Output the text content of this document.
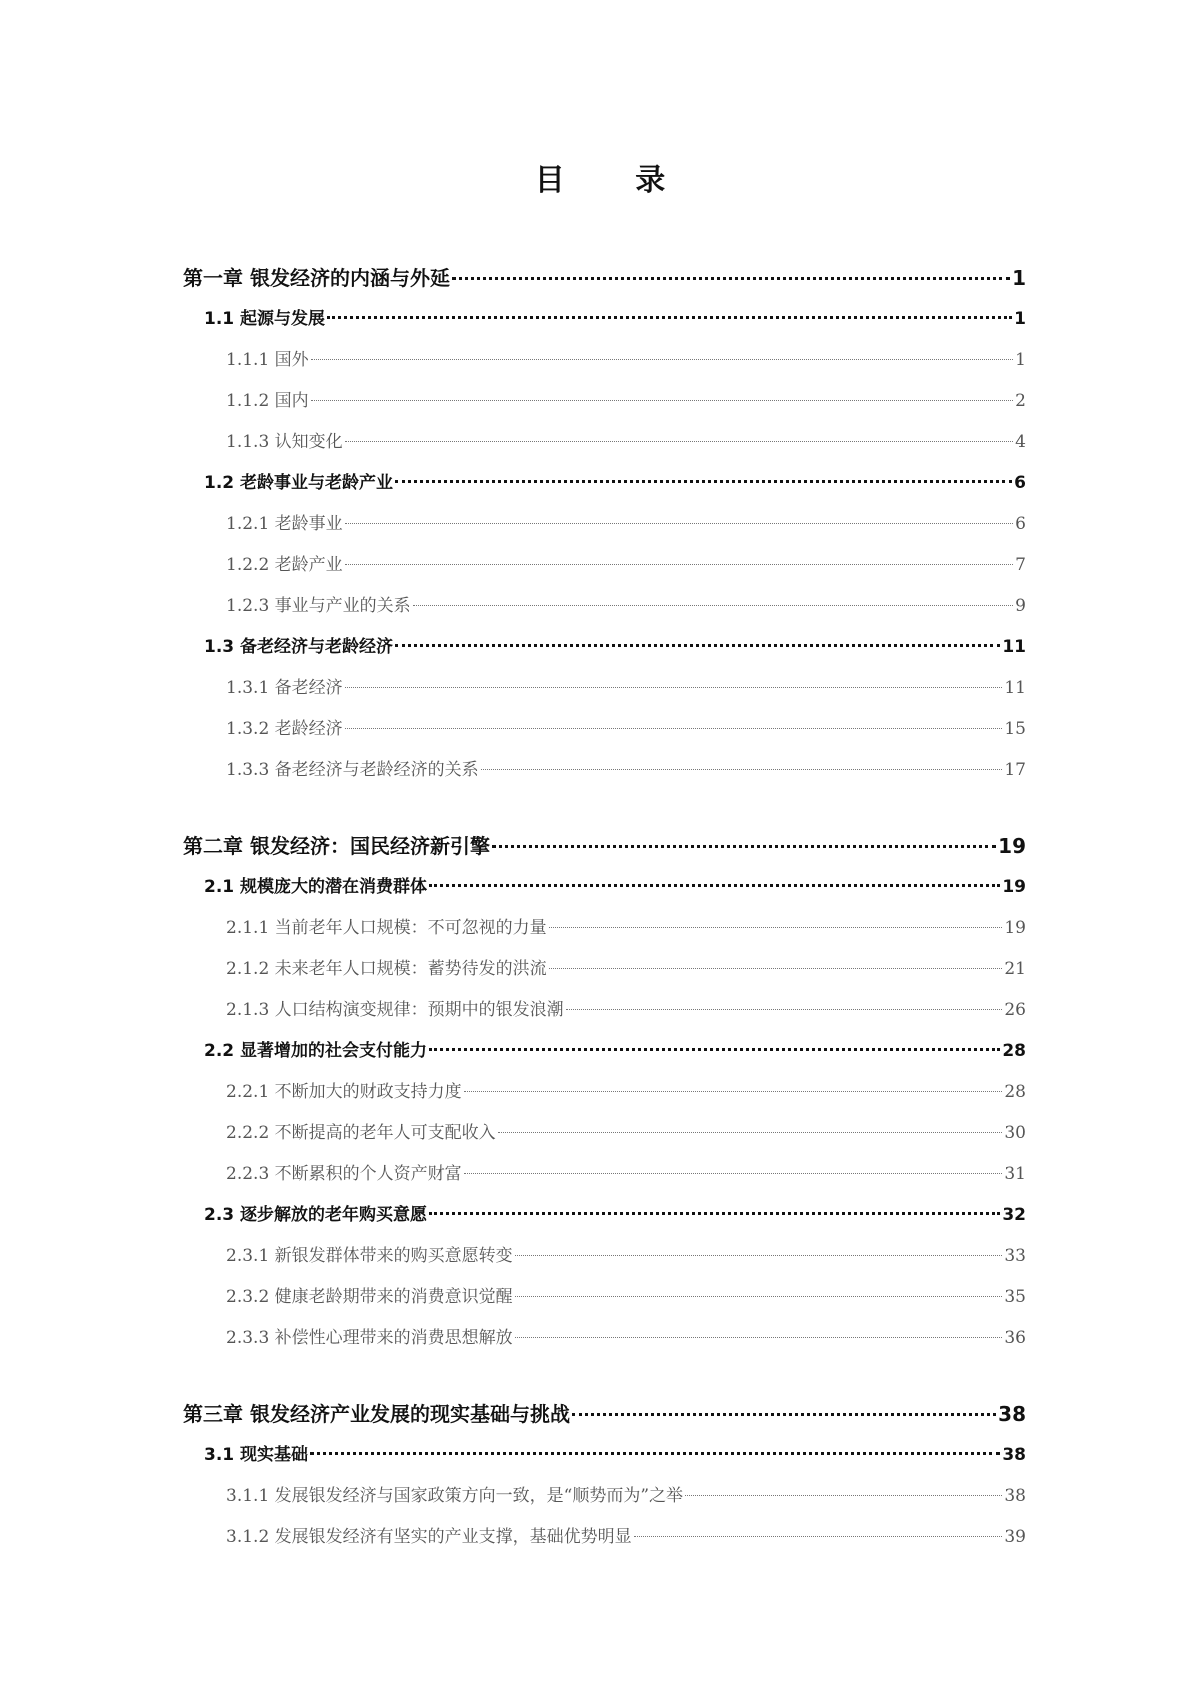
目 录
第一章 银发经济的内涵与外延	1
1.1 起源与发展	1
1.1.1 国外	1
1.1.2 国内	2
1.1.3 认知变化	4
1.2 老龄事业与老龄产业	6
1.2.1 老龄事业	6
1.2.2 老龄产业	7
1.2.3 事业与产业的关系	9
1.3 备老经济与老龄经济	11
1.3.1 备老经济	11
1.3.2 老龄经济	15
1.3.3 备老经济与老龄经济的关系	17
第二章 银发经济：国民经济新引擎	19
2.1 规模庞大的潜在消费群体	19
2.1.1 当前老年人口规模：不可忽视的力量	19
2.1.2 未来老年人口规模：蓄势待发的洪流	21
2.1.3 人口结构演变规律：预期中的银发浪潮	26
2.2 显著增加的社会支付能力	28
2.2.1 不断加大的财政支持力度	28
2.2.2 不断提高的老年人可支配收入	30
2.2.3 不断累积的个人资产财富	31
2.3 逐步解放的老年购买意愿	32
2.3.1 新银发群体带来的购买意愿转变	33
2.3.2 健康老龄期带来的消费意识觉醒	35
2.3.3 补偿性心理带来的消费思想解放	36
第三章 银发经济产业发展的现实基础与挑战	38
3.1 现实基础	38
3.1.1 发展银发经济与国家政策方向一致，是“顺势而为”之举	38
3.1.2 发展银发经济有坚实的产业支撑，基础优势明显	39
